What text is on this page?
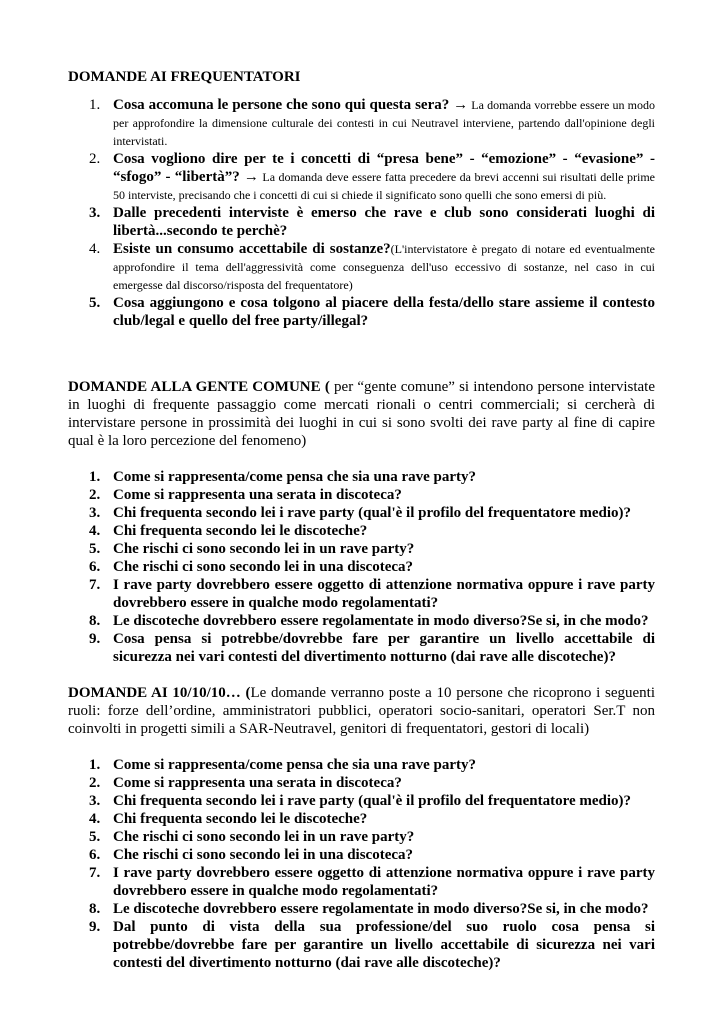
DOMANDE AI FREQUENTATORI
1. Cosa accomuna le persone che sono qui questa sera? → La domanda vorrebbe essere un modo per approfondire la dimensione culturale dei contesti in cui Neutravel interviene, partendo dall'opinione degli intervistati.
2. Cosa vogliono dire per te i concetti di “presa bene” - “emozione” - “evasione” - “sfogo” - “libertà”? → La domanda deve essere fatta precedere da brevi accenni sui risultati delle prime 50 interviste, precisando che i concetti di cui si chiede il significato sono quelli che sono emersi di più.
3. Dalle precedenti interviste è emerso che rave e club sono considerati luoghi di libertà...secondo te perchè?
4. Esiste un consumo accettabile di sostanze?(L'intervistatore è pregato di notare ed eventualmente approfondire il tema dell'aggressività come conseguenza dell'uso eccessivo di sostanze, nel caso in cui emergesse dal discorso/risposta del frequentatore)
5. Cosa aggiungono e cosa tolgono al piacere della festa/dello stare assieme il contesto club/legal e quello del free party/illegal?

DOMANDE ALLA GENTE COMUNE ( per “gente comune” si intendono persone intervistate in luoghi di frequente passaggio come mercati rionali o centri commerciali; si cercherà di intervistare persone in prossimità dei luoghi in cui si sono svolti dei rave party al fine di capire qual è la loro percezione del fenomeno)

1. Come si rappresenta/come pensa che sia una rave party?
2. Come si rappresenta una serata in discoteca?
3. Chi frequenta secondo lei i rave party (qual'è il profilo del frequentatore medio)?
4. Chi frequenta secondo lei le discoteche?
5. Che rischi ci sono secondo lei in un rave party?
6. Che rischi ci sono secondo lei in una discoteca?
7. I rave party dovrebbero essere oggetto di attenzione normativa oppure i rave party dovrebbero essere in qualche modo regolamentati?
8. Le discoteche dovrebbero essere regolamentate in modo diverso?Se si, in che modo?
9. Cosa pensa si potrebbe/dovrebbe fare per garantire un livello accettabile di sicurezza nei vari contesti del divertimento notturno (dai rave alle discoteche)?

DOMANDE AI 10/10/10… (Le domande verranno poste a 10 persone che ricoprono i seguenti ruoli: forze dell’ordine, amministratori pubblici, operatori socio-sanitari, operatori Ser.T non coinvolti in progetti simili a SAR-Neutravel, genitori di frequentatori, gestori di locali)

1. Come si rappresenta/come pensa che sia una rave party?
2. Come si rappresenta una serata in discoteca?
3. Chi frequenta secondo lei i rave party (qual'è il profilo del frequentatore medio)?
4. Chi frequenta secondo lei le discoteche?
5. Che rischi ci sono secondo lei in un rave party?
6. Che rischi ci sono secondo lei in una discoteca?
7. I rave party dovrebbero essere oggetto di attenzione normativa oppure i rave party dovrebbero essere in qualche modo regolamentati?
8. Le discoteche dovrebbero essere regolamentate in modo diverso?Se si, in che modo?
9. Dal punto di vista della sua professione/del suo ruolo cosa pensa si potrebbe/dovrebbe fare per garantire un livello accettabile di sicurezza nei vari contesti del divertimento notturno (dai rave alle discoteche)?
